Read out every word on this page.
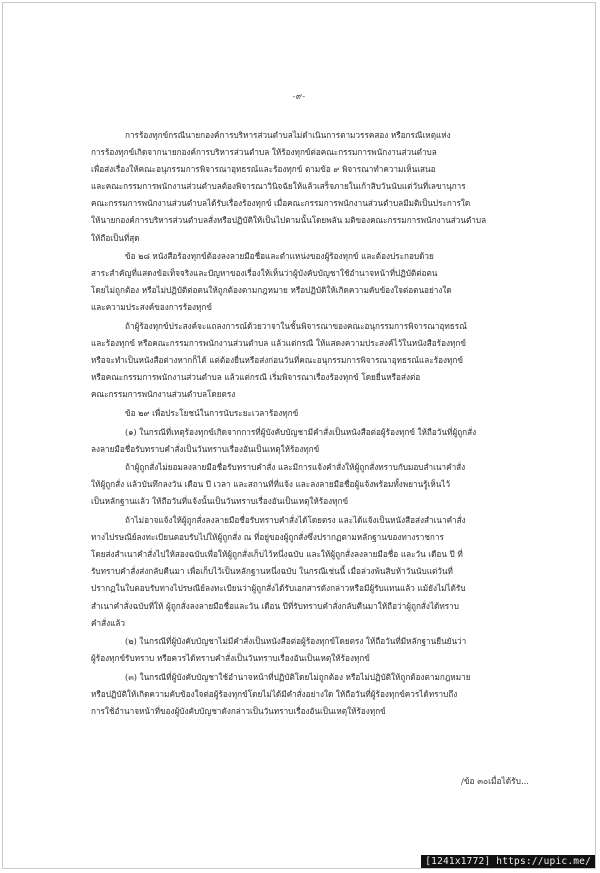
-๙-
การร้องทุกข์กรณีนายกองค์การบริหารส่วนตำบลไม่ดำเนินการตามวรรคสอง หรือกรณีเหตุแห่ง
การร้องทุกข์เกิดจากนายกองค์การบริหารส่วนตำบล ให้ร้องทุกข์ต่อคณะกรรมการพนักงานส่วนตำบล
เพื่อส่งเรื่องให้คณะอนุกรรมการพิจารณาอุทธรณ์และร้องทุกข์ ตามข้อ ๙ พิจารณาทำความเห็นเสนอ
และคณะกรรมการพนักงานส่วนตำบลต้องพิจารณาวินิจฉัยให้แล้วเสร็จภายในเก้าสิบวันนับแต่วันที่เลขานุการ
คณะกรรมการพนักงานส่วนตำบลได้รับเรื่องร้องทุกข์ เมื่อคณะกรรมการพนักงานส่วนตำบลมีมติเป็นประการใด
ให้นายกองค์การบริหารส่วนตำบลสั่งหรือปฏิบัติให้เป็นไปตามนั้นโดยพลัน มติของคณะกรรมการพนักงานส่วนตำบล
ให้ถือเป็นที่สุด
ข้อ ๒๘ หนังสือร้องทุกข์ต้องลงลายมือชื่อและตำแหน่งของผู้ร้องทุกข์ และต้องประกอบด้วย
สาระสำคัญที่แสดงข้อเท็จจริงและปัญหาของเรื่องให้เห็นว่าผู้บังคับบัญชาใช้อำนาจหน้าที่ปฏิบัติต่อตน
โดยไม่ถูกต้อง หรือไม่ปฏิบัติต่อตนให้ถูกต้องตามกฎหมาย หรือปฏิบัติให้เกิดความคับข้องใจต่อตนอย่างใด
และความประสงค์ของการร้องทุกข์
ถ้าผู้ร้องทุกข์ประสงค์จะแถลงการณ์ด้วยวาจาในชั้นพิจารณาของคณะอนุกรรมการพิจารณาอุทธรณ์
และร้องทุกข์ หรือคณะกรรมการพนักงานส่วนตำบล แล้วแต่กรณี ให้แสดงความประสงค์ไว้ในหนังสือร้องทุกข์
หรือจะทำเป็นหนังสือต่างหากก็ได้ แต่ต้องยื่นหรือส่งก่อนวันที่คณะอนุกรรมการพิจารณาอุทธรณ์และร้องทุกข์
หรือคณะกรรมการพนักงานส่วนตำบล แล้วแต่กรณี เริ่มพิจารณาเรื่องร้องทุกข์ โดยยื่นหรือส่งต่อ
คณะกรรมการพนักงานส่วนตำบลโดยตรง
ข้อ ๒๙ เพื่อประโยชน์ในการนับระยะเวลาร้องทุกข์
(๑) ในกรณีที่เหตุร้องทุกข์เกิดจากการที่ผู้บังคับบัญชามีคำสั่งเป็นหนังสือต่อผู้ร้องทุกข์ ให้ถือวันที่ผู้ถูกสั่ง
ลงลายมือชื่อรับทราบคำสั่งเป็นวันทราบเรื่องอันเป็นเหตุให้ร้องทุกข์
ถ้าผู้ถูกสั่งไม่ยอมลงลายมือชื่อรับทราบคำสั่ง และมีการแจ้งคำสั่งให้ผู้ถูกสั่งทราบกับมอบสำเนาคำสั่ง
ให้ผู้ถูกสั่ง แล้วบันทึกลงวัน เดือน ปี เวลา และสถานที่ที่แจ้ง และลงลายมือชื่อผู้แจ้งพร้อมทั้งพยานรู้เห็นไว้
เป็นหลักฐานแล้ว ให้ถือวันที่แจ้งนั้นเป็นวันทราบเรื่องอันเป็นเหตุให้ร้องทุกข์
ถ้าไม่อาจแจ้งให้ผู้ถูกสั่งลงลายมือชื่อรับทราบคำสั่งได้โดยตรง และได้แจ้งเป็นหนังสือส่งสำเนาคำสั่ง
ทางไปรษณีย์ลงทะเบียนตอบรับไปให้ผู้ถูกสั่ง ณ ที่อยู่ของผู้ถูกสั่งซึ่งปรากฏตามหลักฐานของทางราชการ
โดยส่งสำเนาคำสั่งไปให้สองฉบับเพื่อให้ผู้ถูกสั่งเก็บไว้หนึ่งฉบับ และให้ผู้ถูกสั่งลงลายมือชื่อ และวัน เดือน ปี ที่
รับทราบคำสั่งส่งกลับคืนมา เพื่อเก็บไว้เป็นหลักฐานหนึ่งฉบับ ในกรณีเช่นนี้ เมื่อล่วงพ้นสิบห้าวันนับแต่วันที่
ปรากฏในใบตอบรับทางไปรษณีย์ลงทะเบียนว่าผู้ถูกสั่งได้รับเอกสารดังกล่าวหรือมีผู้รับแทนแล้ว แม้ยังไม่ได้รับ
สำเนาคำสั่งฉบับที่ให้ ผู้ถูกสั่งลงลายมือชื่อและวัน เดือน ปีที่รับทราบคำสั่งกลับคืนมาให้ถือว่าผู้ถูกสั่งได้ทราบ
คำสั่งแล้ว
(๒) ในกรณีที่ผู้บังคับบัญชาไม่มีคำสั่งเป็นหนังสือต่อผู้ร้องทุกข์โดยตรง ให้ถือวันที่มีหลักฐานยืนยันว่า
ผู้ร้องทุกข์รับทราบ หรือควรได้ทราบคำสั่งเป็นวันทราบเรื่องอันเป็นเหตุให้ร้องทุกข์
(๓) ในกรณีที่ผู้บังคับบัญชาใช้อำนาจหน้าที่ปฏิบัติโดยไม่ถูกต้อง หรือไม่ปฏิบัติให้ถูกต้องตามกฎหมาย
หรือปฏิบัติให้เกิดความคับข้องใจต่อผู้ร้องทุกข์โดยไม่ได้มีคำสั่งอย่างใด ให้ถือวันที่ผู้ร้องทุกข์ควรได้ทราบถึง
การใช้อำนาจหน้าที่ของผู้บังคับบัญชาดังกล่าวเป็นวันทราบเรื่องอันเป็นเหตุให้ร้องทุกข์
/ข้อ ๓๐เมื่อได้รับ...
[1241x1772] https://upic.me/
